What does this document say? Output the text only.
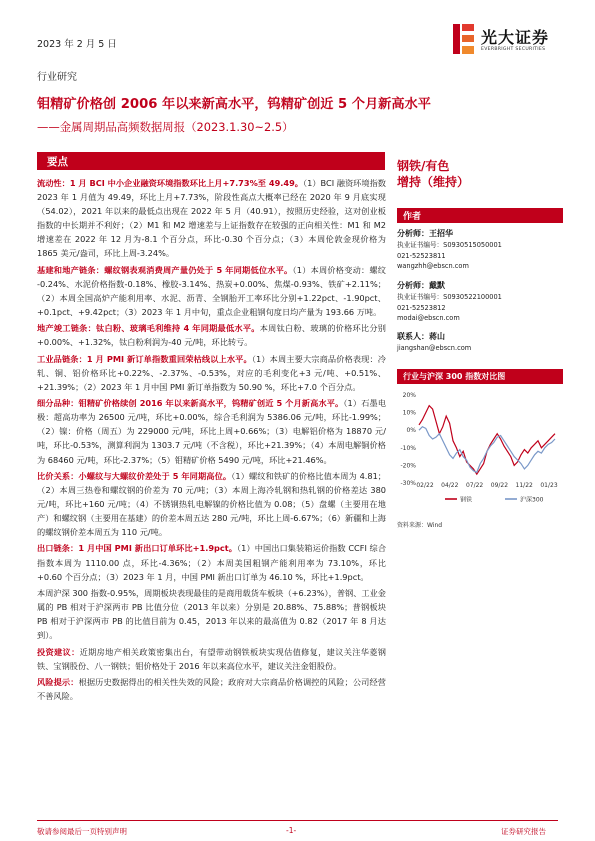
2023 年 2 月 5 日	光大证券
EVERBRIGHT SECURITIES
行业研究
钼精矿价格创 2006 年以来新高水平，钨精矿创近 5 个月新高水平
——金属周期品高频数据周报（2023.1.30~2.5）
要点

流动性：1 月 BCI 中小企业融资环境指数环比上月+7.73%至 49.49。（1）BCI 融资环境指数 2023 年 1 月值为 49.49，环比上月+7.73%，阶段性高点大概率已经在 2020 年 9 月底实现（54.02），2021 年以来的最低点出现在 2022 年 5 月（40.91），按照历史经验，这对创业板指数的中长期并不利好；（2）M1 和 M2 增速差与上证指数存在较强的正向相关性：M1 和 M2 增速差在 2022 年 12 月为-8.1 个百分点，环比-0.30 个百分点；（3）本周伦敦金现价格为 1865 美元/盎司，环比上周-3.24%。

基建和地产链条：螺纹钢表观消费周产量仍处于 5 年同期低位水平。（1）本周价格变动：螺纹 -0.24%、水泥价格指数-0.18%、橡胶-3.14%、热炭+0.00%、焦煤-0.93%、铁矿+2.11%；（2）本周全国高炉产能利用率、水泥、沥青、全钢胎开工率环比分别+1.22pct、-1.90pct、+0.1pct、+9.42pct；（3）2023 年 1 月中旬，重点企业粗钢旬度日均产量为 193.66 万吨。

地产竣工链条：钛白粉、玻璃毛利维持 4 年同期最低水平。本周钛白粉、玻璃的价格环比分别+0.00%、+1.32%，钛白粉利润为-40 元/吨，环比转亏。

工业品链条：1 月 PMI 新订单指数重回荣枯线以上水平。（1）本周主要大宗商品价格表现：冷轧、铜、铝价格环比+0.22%、-2.37%、-0.53%，对应的毛利变化+3 元/吨、+0.51%、+21.39%；（2）2023 年 1 月中国 PMI 新订单指数为 50.90 %，环比+7.0 个百分点。

细分品种：钼精矿价格续创 2016 年以来新高水平，钨精矿创近 5 个月新高水平。（1）石墨电极：超高功率为 26500 元/吨，环比+0.00%，综合毛利润为 5386.06 元/吨，环比-1.99%；（2）镍：价格（周五）为 229000 元/吨，环比上周+0.66%；（3）电解铝价格为 18870 元/吨，环比-0.53%，测算利润为 1303.7 元/吨（不含税），环比+21.39%；（4）本周电解铜价格为 68460 元/吨，环比-2.37%；（5）钼精矿价格 5490 元/吨，环比+21.46%。

比价关系：小螺纹与大螺纹价差处于 5 年同期高位。（1）螺纹和铁矿的价格比值本周为 4.81；（2）本周三热卷和螺纹钢的价差为 70 元/吨；（3）本周上海冷轧钢和热轧钢的价格差达 380 元/吨，环比+160 元/吨；（4）不锈钢热轧电解镍的价格比值为 0.08；（5）盘螺（主要用在地产）和螺纹钢（主要用在基建）的价差本周五达 280 元/吨，环比上周-6.67%；（6）新疆和上海的螺纹钢价差本周五为 110 元/吨。

出口链条：1 月中国 PMI 新出口订单环比+1.9pct。（1）中国出口集装箱运价指数 CCFI 综合指数本周为 1110.00 点，环比-4.36%；（2）本周美国粗钢产能利用率为 73.10%，环比+0.60 个百分点；（3）2023 年 1 月，中国 PMI 新出口订单为 46.10 %，环比+1.9pct。

本周沪深 300 指数-0.95%，周期板块表现最佳的是商用载货车板块（+6.23%），普钢、工业金属的 PB 相对于沪深两市 PB 比值分位（2013 年以来）分别是 20.88%、75.88%；普钢板块 PB 相对于沪深两市 PB 的比值目前为 0.45，2013 年以来的最高值为 0.82（2017 年 8 月达到）。

投资建议：近期房地产相关政策密集出台，有望带动钢铁板块实现估值修复，建议关注华菱钢铁、宝钢股份、八一钢铁；钼价格处于 2016 年以来高位水平，建议关注金钼股份。

风险提示：根据历史数据得出的相关性失效的风险；政府对大宗商品价格调控的风险；公司经营不善风险。

钢铁/有色
增持（维持）
作者
分析师：王招华
执业证书编号：S0930515050001
021-52523811
wangzhh@ebscn.com
分析师：戴默
执业证书编号：S0930522100001
021-52523812
modai@ebscn.com
联系人：蒋山
jiangshan@ebscn.com
行业与沪深 300 指数对比图
20%
10%
0%
-10%
-20%
-30% 02/22 04/22 07/22 09/22 11/22 01/23
钢铁	沪深300
资料来源：Wind
敬请参阅最后一页特别声明	-1-	证券研究报告
